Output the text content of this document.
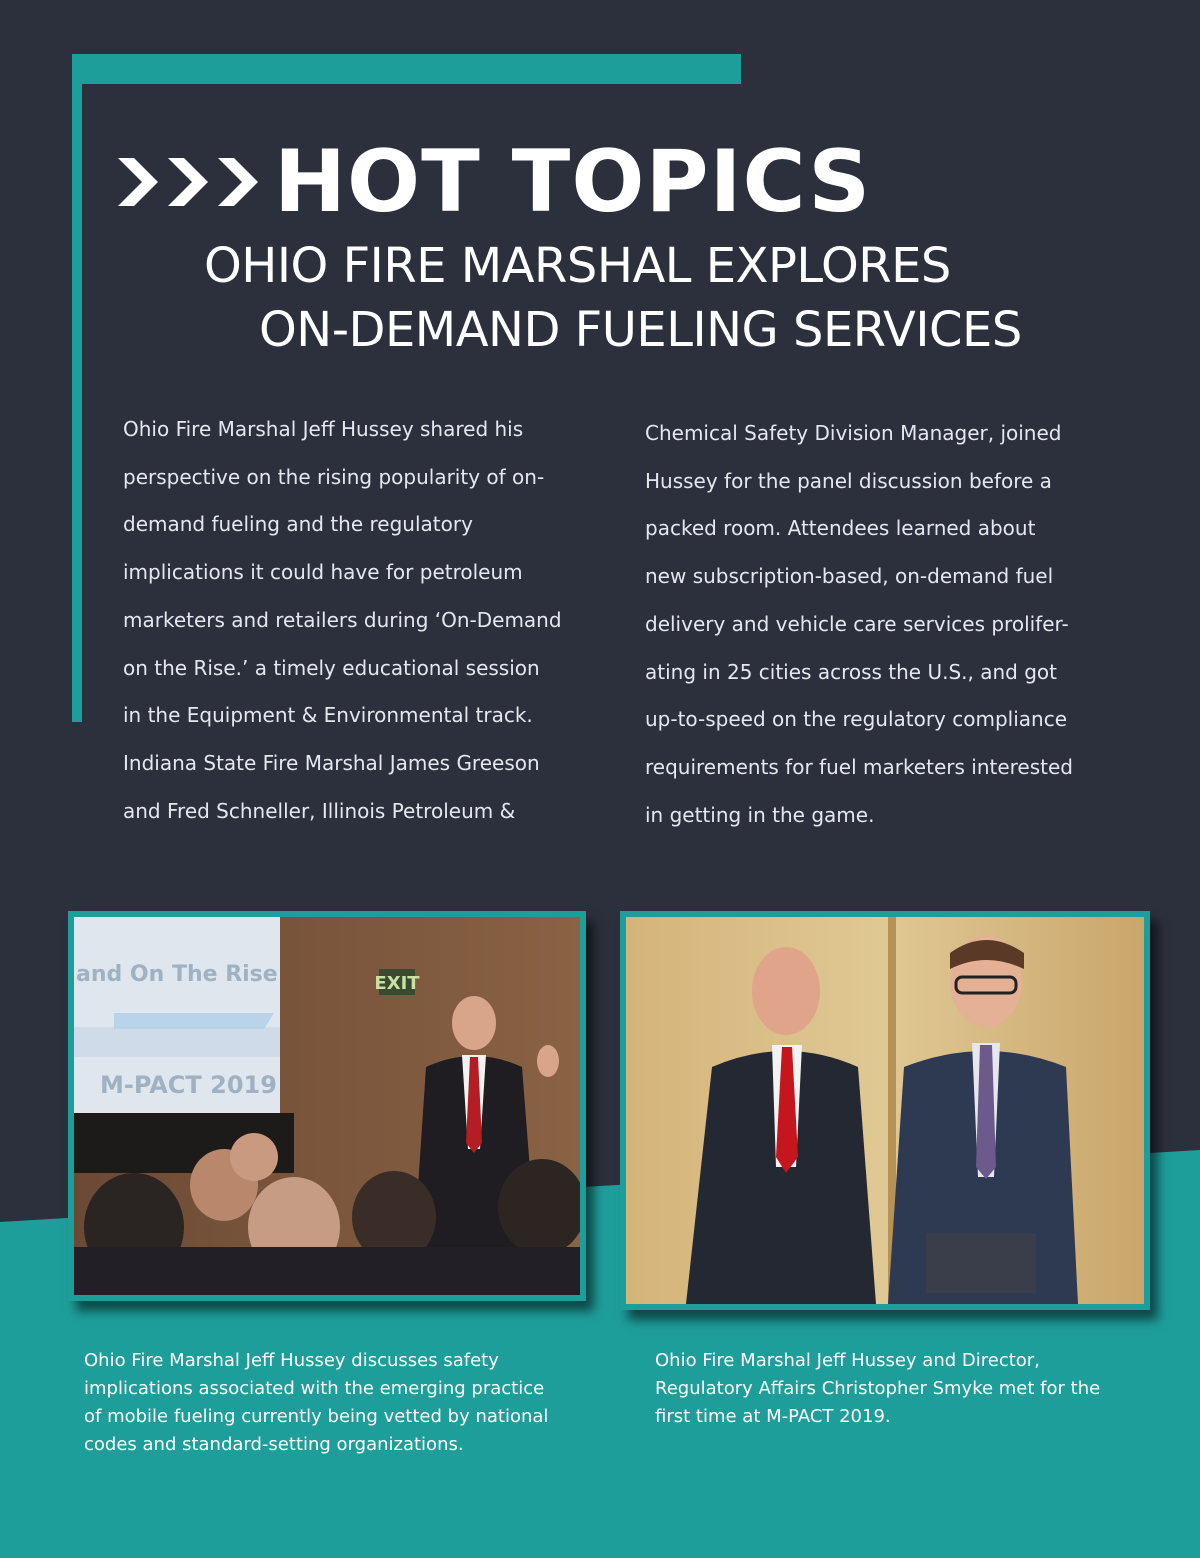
HOT TOPICS
OHIO FIRE MARSHAL EXPLORES
ON-DEMAND FUELING SERVICES
Ohio Fire Marshal Jeff Hussey shared his
perspective on the rising popularity of on-
demand fueling and the regulatory
implications it could have for petroleum
marketers and retailers during ‘On-Demand
on the Rise.’ a timely educational session
in the Equipment & Environmental track.
Indiana State Fire Marshal James Greeson
and Fred Schneller, Illinois Petroleum &
Chemical Safety Division Manager, joined
Hussey for the panel discussion before a
packed room. Attendees learned about
new subscription-based, on-demand fuel
delivery and vehicle care services prolifer-
ating in 25 cities across the U.S., and got
up-to-speed on the regulatory compliance
requirements for fuel marketers interested
in getting in the game.
EXIT
and On The Rise
M-PACT 2019
Ohio Fire Marshal Jeff Hussey discusses safety
implications associated with the emerging practice
of mobile fueling currently being vetted by national
codes and standard-setting organizations.
Ohio Fire Marshal Jeff Hussey and Director,
Regulatory Affairs Christopher Smyke met for the
first time at M-PACT 2019.
